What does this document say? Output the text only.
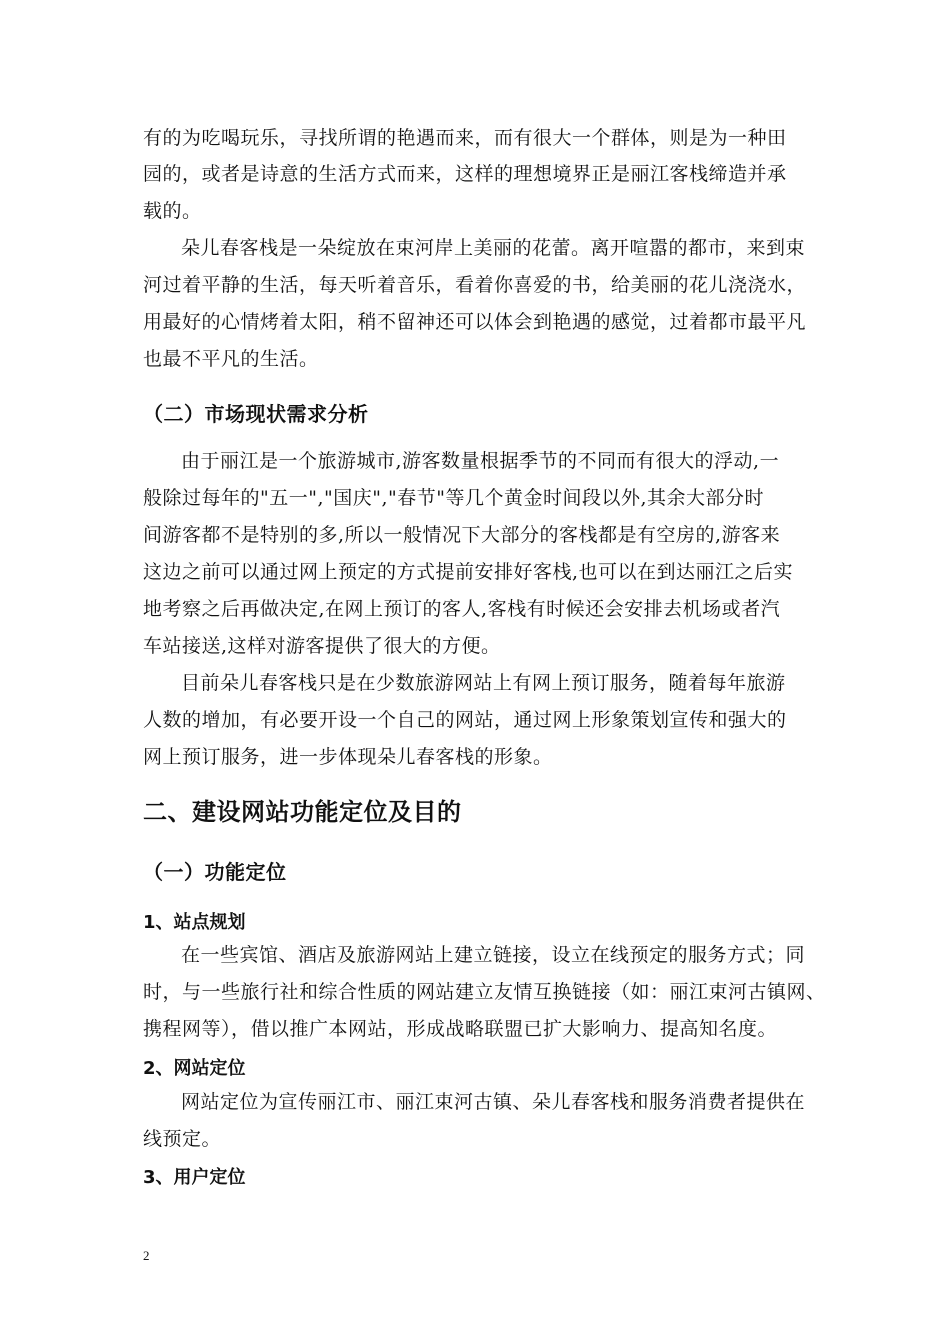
有的为吃喝玩乐，寻找所谓的艳遇而来，而有很大一个群体，则是为一种田
园的，或者是诗意的生活方式而来，这样的理想境界正是丽江客栈缔造并承
载的。
朵儿春客栈是一朵绽放在束河岸上美丽的花蕾。离开喧嚣的都市，来到束
河过着平静的生活，每天听着音乐，看着你喜爱的书，给美丽的花儿浇浇水，
用最好的心情烤着太阳，稍不留神还可以体会到艳遇的感觉，过着都市最平凡
也最不平凡的生活。
（二）市场现状需求分析
由于丽江是一个旅游城市,游客数量根据季节的不同而有很大的浮动,一
般除过每年的"五一","国庆","春节"等几个黄金时间段以外,其余大部分时
间游客都不是特别的多,所以一般情况下大部分的客栈都是有空房的,游客来
这边之前可以通过网上预定的方式提前安排好客栈,也可以在到达丽江之后实
地考察之后再做决定,在网上预订的客人,客栈有时候还会安排去机场或者汽
车站接送,这样对游客提供了很大的方便。
目前朵儿春客栈只是在少数旅游网站上有网上预订服务，随着每年旅游
人数的增加，有必要开设一个自己的网站，通过网上形象策划宣传和强大的
网上预订服务，进一步体现朵儿春客栈的形象。
二、建设网站功能定位及目的
（一）功能定位
1、站点规划
在一些宾馆、酒店及旅游网站上建立链接，设立在线预定的服务方式；同
时，与一些旅行社和综合性质的网站建立友情互换链接（如：丽江束河古镇网、
携程网等），借以推广本网站，形成战略联盟已扩大影响力、提高知名度。
2、网站定位
网站定位为宣传丽江市、丽江束河古镇、朵儿春客栈和服务消费者提供在
线预定。
3、用户定位
2
